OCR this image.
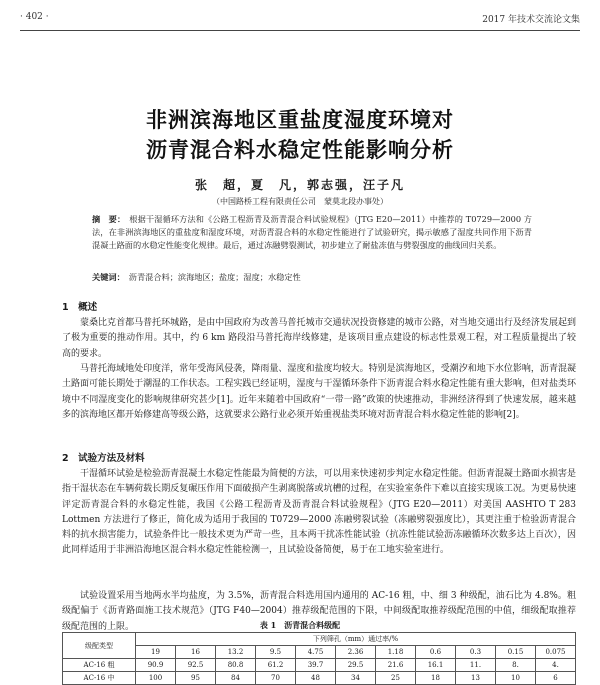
· 402 ·	2017 年技术交流论文集
非洲滨海地区重盐度湿度环境对
沥青混合料水稳定性能影响分析
张　超，夏　凡，郭志强，汪子凡
（中国路桥工程有限责任公司　蒙莫北段办事处）
摘　要： 根据干湿循环方法和《公路工程沥青及沥青混合料试验规程》（JTG E20—2011）中推荐的 T0729—2000 方法，在非洲滨海地区的重盐度和湿度环境，对沥青混合料的水稳定性能进行了试验研究，揭示敏感了湿度共同作用下沥青混凝土路面的水稳定性能变化规律。最后，通过冻融劈裂测试，初步建立了耐盐冻值与劈裂强度的曲线回归关系。
关键词： 沥青混合料；滨海地区；盐度；湿度；水稳定性
1　概述

蒙桑比克首都马普托环城路，是由中国政府为改善马普托城市交通状况投资修建的城市公路，对当地交通出行及经济发展起到了极为重要的推动作用。其中，约 6 km 路段沿马普托海岸线修建，是该项目重点建设的标志性景观工程，对工程质量提出了较高的要求。

马普托海域地处印度洋，常年受海风侵袭，降雨量、湿度和盐度均较大。特别是滨海地区，受潮汐和地下水位影响，沥青混凝土路面可能长期处于潮湿的工作状态。工程实践已经证明，湿度与干湿循环条件下沥青混合料水稳定性能有重大影响，但对盐类环境中不同湿度变化的影响规律研究甚少[1]。近年来随着中国政府“一带一路”政策的快速推动，非洲经济得到了快速发展，越来越多的滨海地区都开始修建高等级公路，这就要求公路行业必须开始重视盐类环境对沥青混合料水稳定性能的影响[2]。

2　试验方法及材料

干湿循环试验是检验沥青混凝土水稳定性能最为简便的方法，可以用来快速初步判定水稳定性能。但沥青混凝土路面水损害是指干湿状态在车辆荷载长期反复碾压作用下面破损产生剥离脱落或坑槽的过程，在实验室条件下难以直接实现该工况。为更易快速评定沥青混合料的水稳定性能，我国《公路工程沥青及沥青混合料试验规程》（JTG E20—2011）对美国 AASHTO T 283 Lottmen 方法进行了修正，简化成为适用于我国的 T0729—2000 冻融劈裂试验（冻融劈裂强度比），其更注重于检验沥青混合料的抗水损害能力，试验条件比一般技术更为严苛一些，且本两干扰冻性能试验（抗冻性能试验沥冻融循环次数多达上百次），因此同样适用于非洲沿海地区混合料水稳定性能检测一，且试验设备简便，易于在工地实验室进行。

试验设置采用当地两水半均盐度，为 3.5%，沥青混合料选用国内通用的 AC-16 粗，中、细 3 种级配，油石比为 4.8%。粗级配偏于《沥青路面施工技术规范》（JTG F40—2004）推荐级配范围的下限，中间级配取推荐级配范围的中值，细级配取推荐级配范围的上限。	表 1　沥青混合料级配
级配类型	下列筛孔（mm）通过率/%										
	19	16	13.2	9.5	4.75	2.36	1.18	0.6	0.3	0.15	0.075
AC-16 粗	90.9	92.5	80.8	61.2	39.7	29.5	21.6	16.1	11.	8.	4.
AC-16 中	100	95	84	70	48	34	25	18	13	10	6
